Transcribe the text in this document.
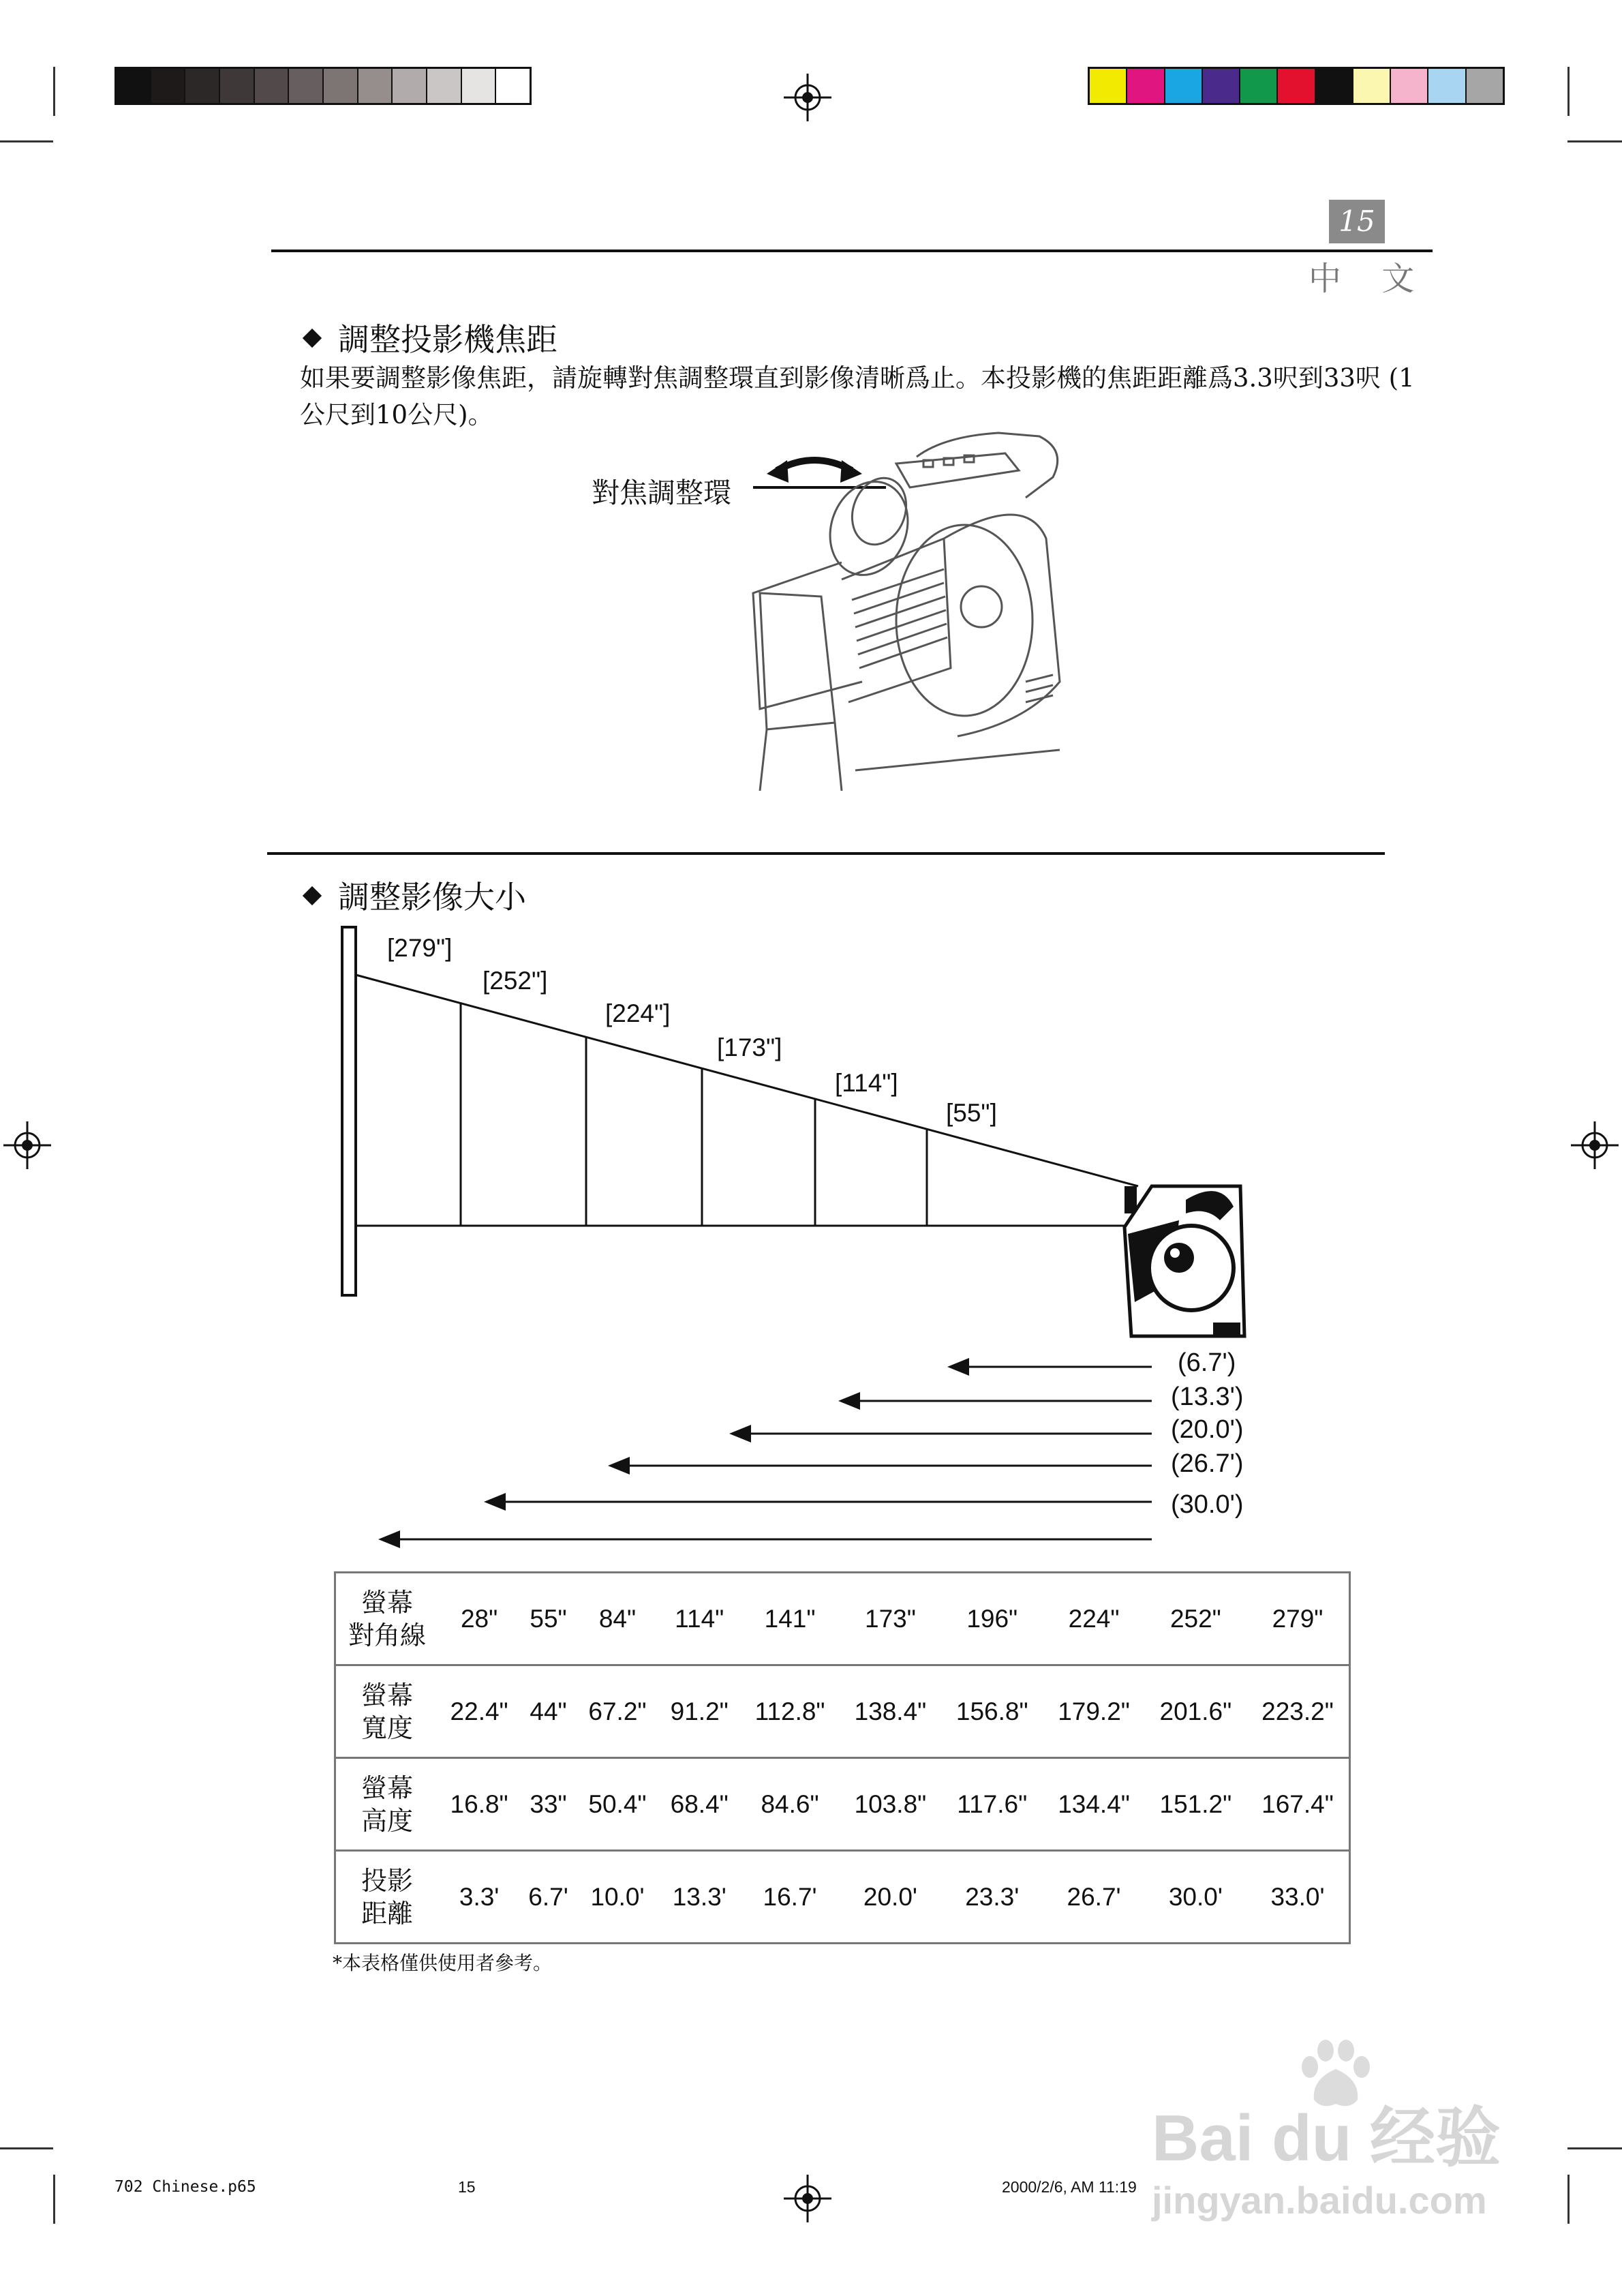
15
中 文
調整投影機焦距
如果要調整影像焦距，請旋轉對焦調整環直到影像清晰爲止。本投影機的焦距距離爲3.3呎到33呎 (1公尺到10公尺)。
對焦調整環
調整影像大小
[279"]
[252"]
[224"]
[173"]
[114"]
[55"]
(6.7')
(13.3')
(20.0')
(26.7')
(30.0')
螢幕
對角線	28"	55"	84"	114"	141"	173"	196"	224"	252"	279"

螢幕
寬度	22.4"	44"	67.2"	91.2"	112.8"	138.4"	156.8"	179.2"	201.6"	223.2"

螢幕
高度	16.8"	33"	50.4"	68.4"	84.6"	103.8"	117.6"	134.4"	151.2"	167.4"

投影
距離	3.3'	6.7'	10.0'	13.3'	16.7'	20.0'	23.3'	26.7'	30.0'	33.0'
*本表格僅供使用者參考。
702 Chinese.p65	15	2000/2/6, AM 11:19
Bai du 经验
jingyan.baidu.com
